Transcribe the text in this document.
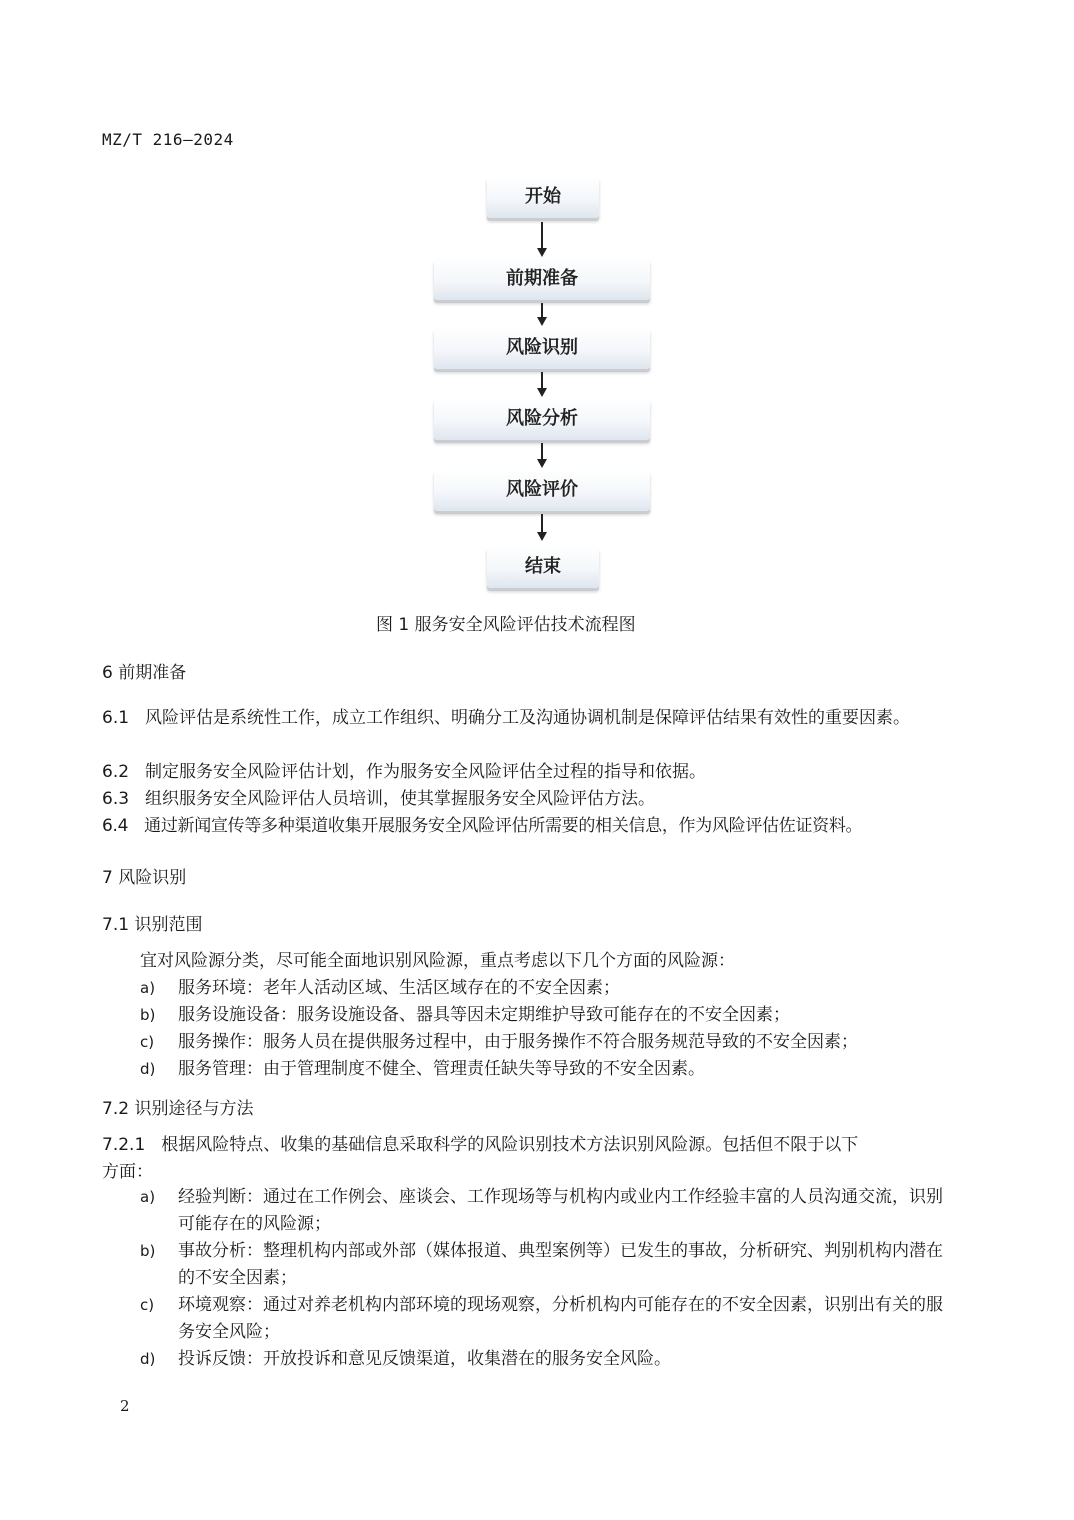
MZ/T 216—2024
开始
前期准备
风险识别
风险分析
风险评价
结束
图 1 服务安全风险评估技术流程图
6 前期准备
6.1 风险评估是系统性工作，成立工作组织、明确分工及沟通协调机制是保障评估结果有效性的重要因素。
6.2 制定服务安全风险评估计划，作为服务安全风险评估全过程的指导和依据。
6.3 组织服务安全风险评估人员培训，使其掌握服务安全风险评估方法。
6.4 通过新闻宣传等多种渠道收集开展服务安全风险评估所需要的相关信息，作为风险评估佐证资料。
7 风险识别
7.1 识别范围
宜对风险源分类，尽可能全面地识别风险源，重点考虑以下几个方面的风险源：
a) 服务环境：老年人活动区域、生活区域存在的不安全因素；
b) 服务设施设备：服务设施设备、器具等因未定期维护导致可能存在的不安全因素；
c) 服务操作：服务人员在提供服务过程中，由于服务操作不符合服务规范导致的不安全因素；
d) 服务管理：由于管理制度不健全、管理责任缺失等导致的不安全因素。
7.2 识别途径与方法
7.2.1 根据风险特点、收集的基础信息采取科学的风险识别技术方法识别风险源。包括但不限于以下
方面：
a) 经验判断：通过在工作例会、座谈会、工作现场等与机构内或业内工作经验丰富的人员沟通交流，识别可能存在的风险源；
b) 事故分析：整理机构内部或外部（媒体报道、典型案例等）已发生的事故，分析研究、判别机构内潜在的不安全因素；
c) 环境观察：通过对养老机构内部环境的现场观察，分析机构内可能存在的不安全因素，识别出有关的服务安全风险；
d) 投诉反馈：开放投诉和意见反馈渠道，收集潜在的服务安全风险。
2
